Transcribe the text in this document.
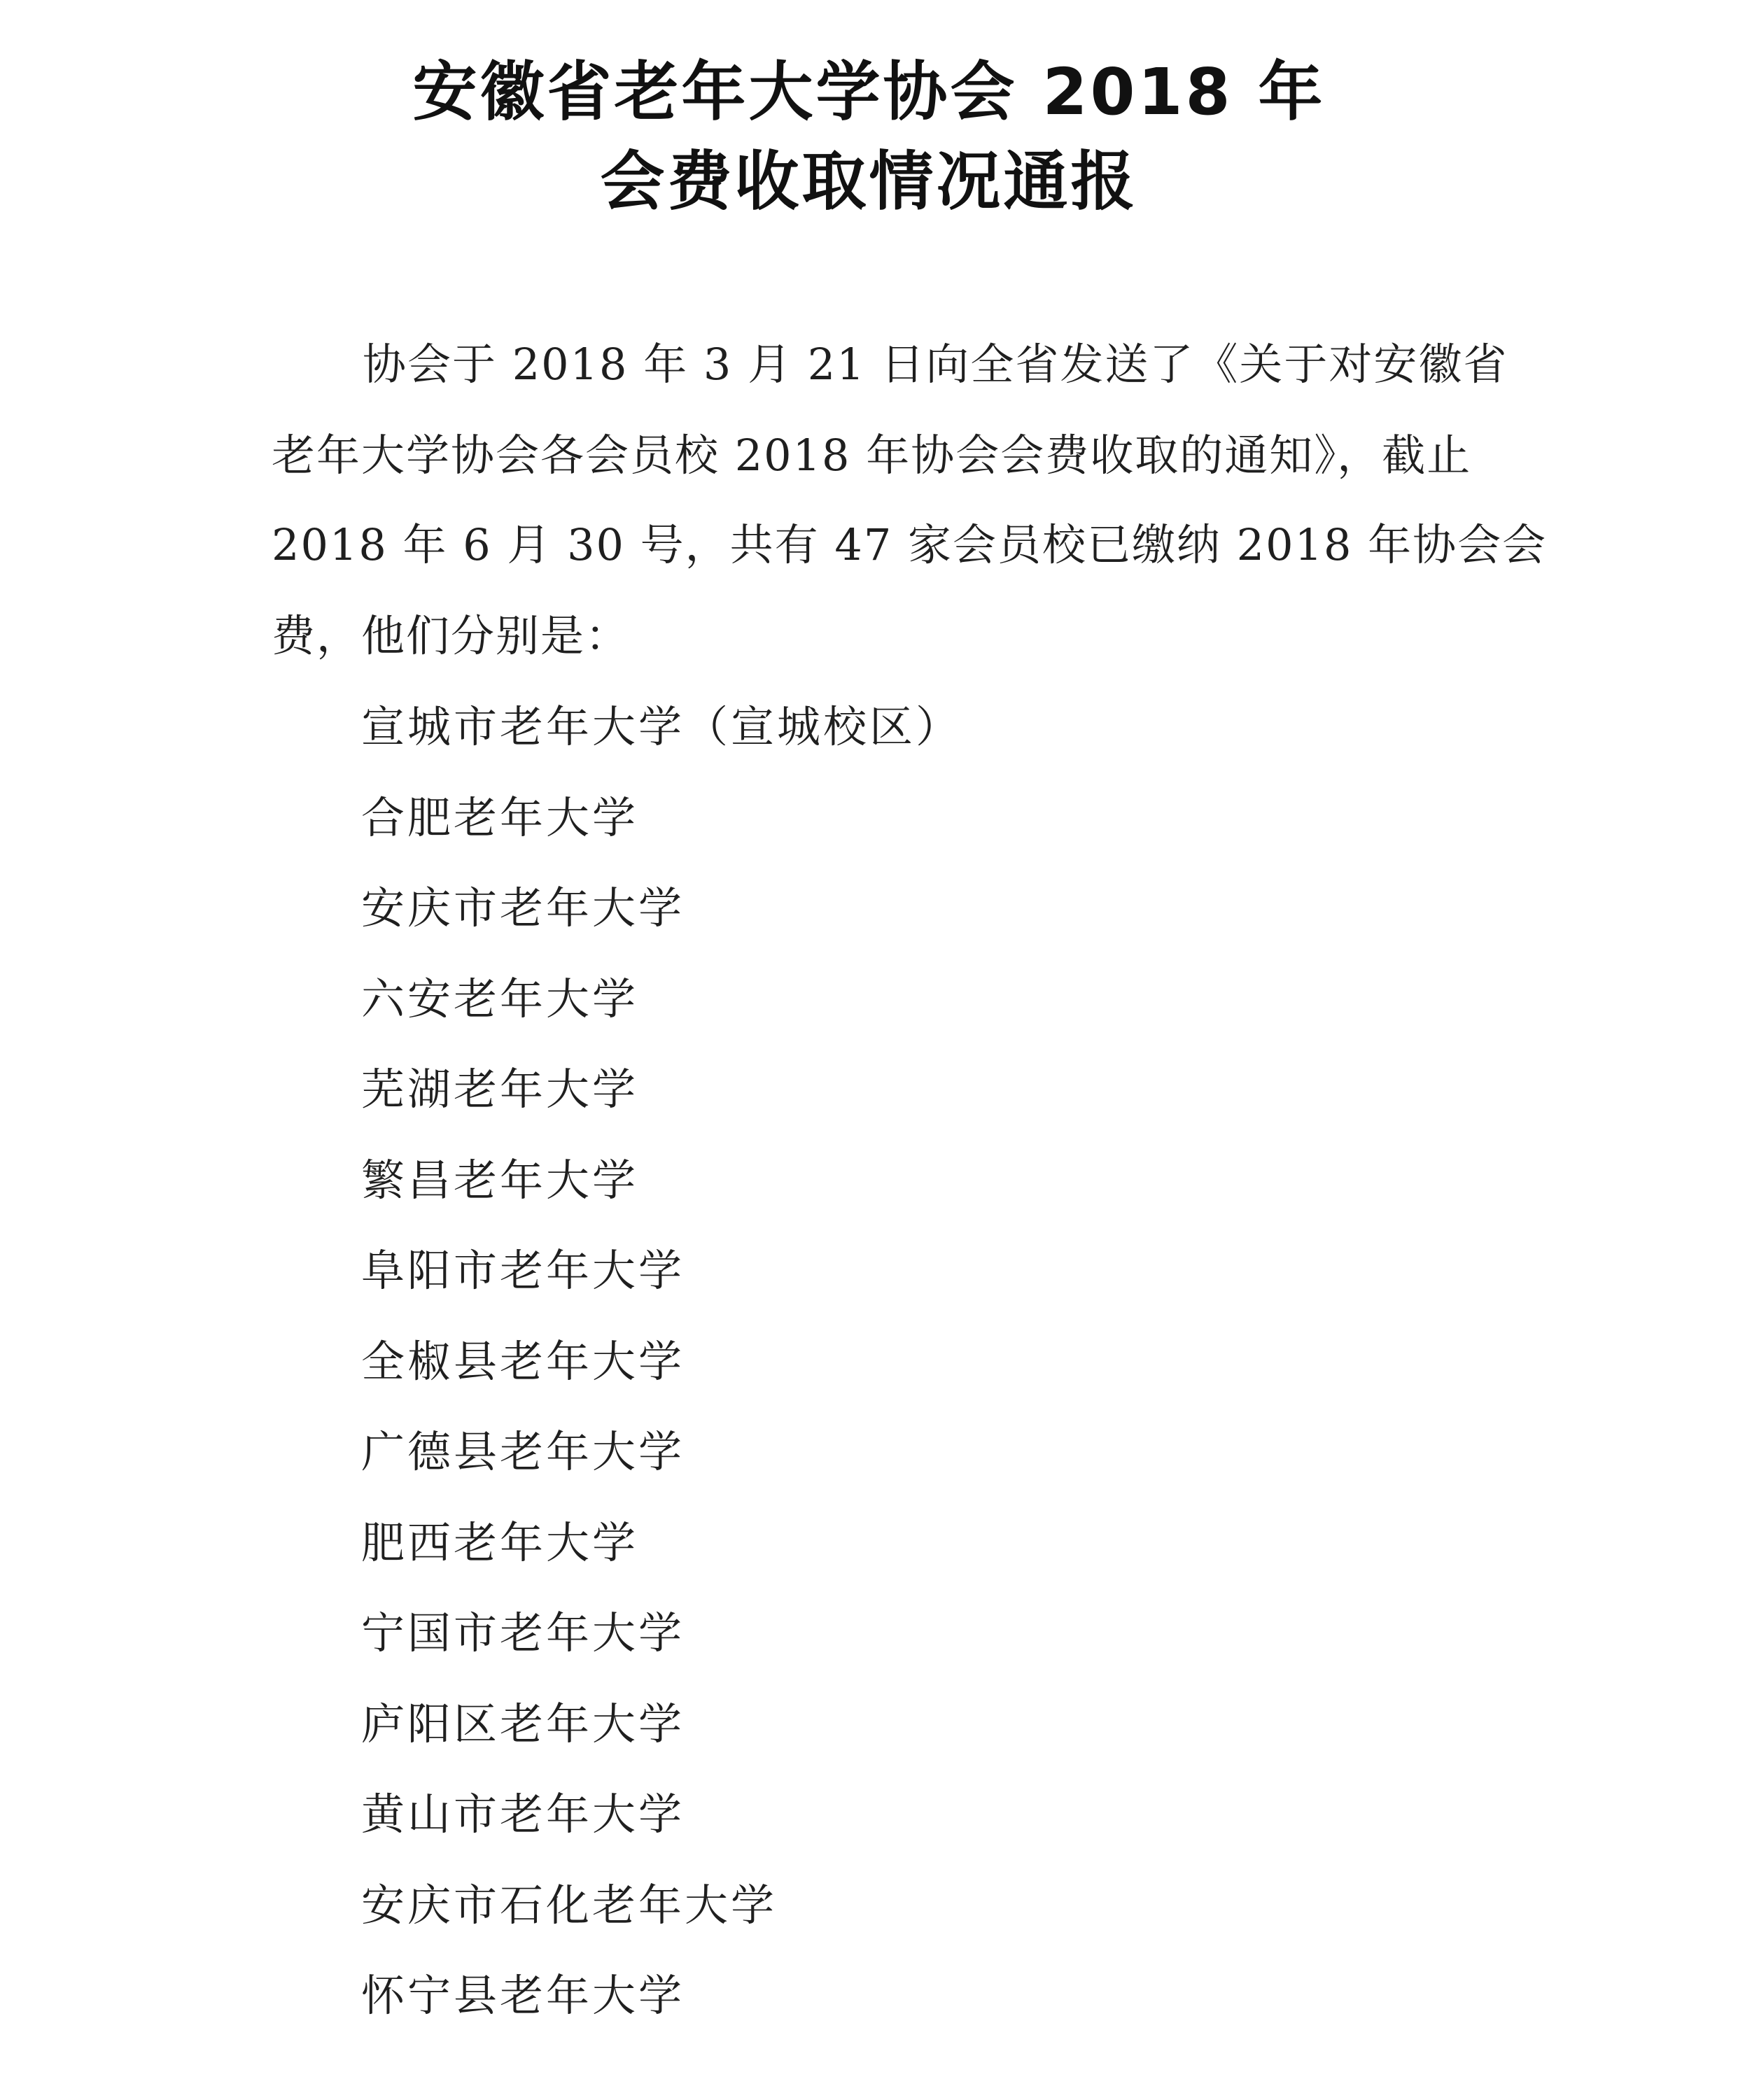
安徽省老年大学协会 2018 年
会费收取情况通报
协会于 2018 年 3 月 21 日向全省发送了《关于对安徽省
老年大学协会各会员校 2018 年协会会费收取的通知》，截止
2018 年 6 月 30 号，共有 47 家会员校已缴纳 2018 年协会会
费，他们分别是：
宣城市老年大学（宣城校区）
合肥老年大学
安庆市老年大学
六安老年大学
芜湖老年大学
繁昌老年大学
阜阳市老年大学
全椒县老年大学
广德县老年大学
肥西老年大学
宁国市老年大学
庐阳区老年大学
黄山市老年大学
安庆市石化老年大学
怀宁县老年大学
